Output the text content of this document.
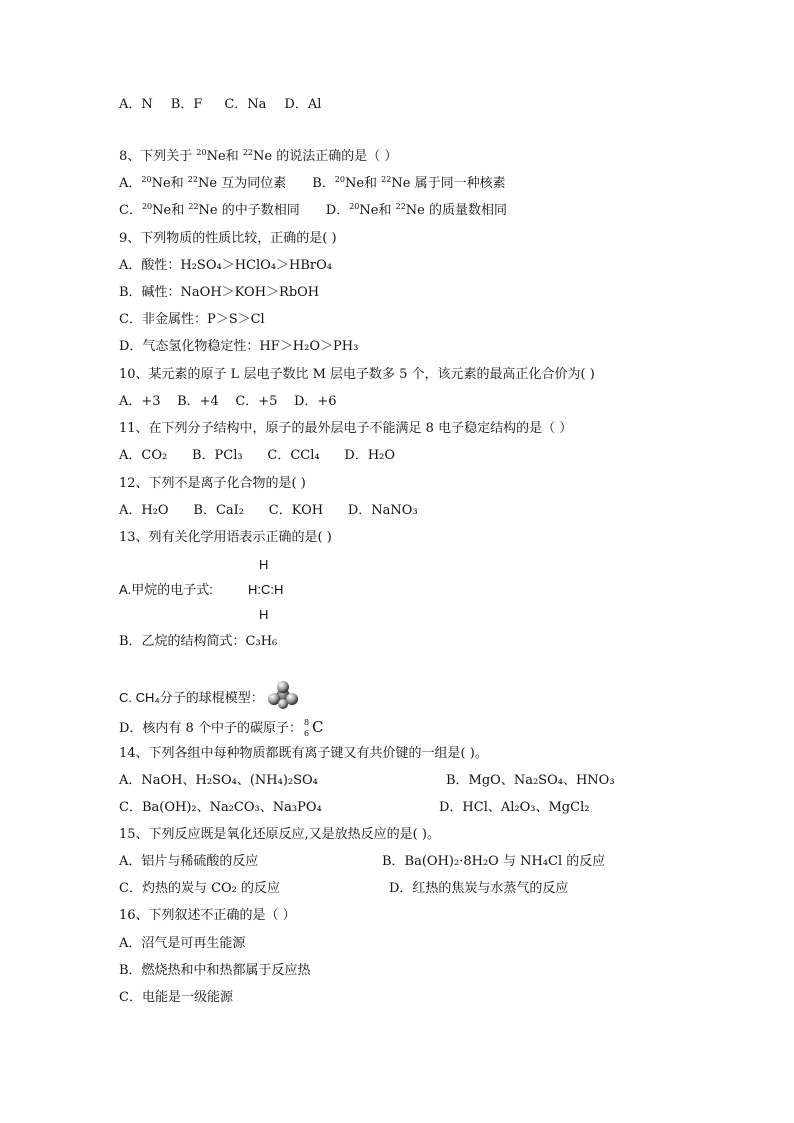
A．N B．F C．Na D．Al
8、下列关于 $^{20}$Ne和 $^{22}$Ne 的说法正确的是（ ）
A．$^{20}$Ne和 $^{22}$Ne 互为同位素 B．$^{20}$Ne和 $^{22}$Ne 属于同一种核素
C．$^{20}$Ne和 $^{22}$Ne 的中子数相同 D．$^{20}$Ne和 $^{22}$Ne 的质量数相同
9、下列物质的性质比较，正确的是( )
A．酸性：H₂SO₄＞HClO₄＞HBrO₄
B．碱性：NaOH＞KOH＞RbOH
C．非金属性：P＞S＞Cl
D．气态氢化物稳定性：HF＞H₂O＞PH₃
10、某元素的原子 L 层电子数比 M 层电子数多 5 个，该元素的最高正化合价为( )
A．+3    B．+4    C．+5    D．+6
11、在下列分子结构中，原子的最外层电子不能满足 8 电子稳定结构的是（ ）
A．CO₂      B．PCl₃      C．CCl₄      D．H₂O
12、下列不是离子化合物的是( )
A．H₂O      B．CaI₂      C．KOH      D．NaNO₃
13、列有关化学用语表示正确的是( )
H
A.甲烷的电子式:	H:C:H
H
B．乙烷的结构简式：C₃H₆
C. CH₄分子的球棍模型：
D．核内有 8 个中子的碳原子： 8
6 C
14、下列各组中每种物质都既有离子键又有共价键的一组是( )。
A．NaOH、H₂SO₄、(NH₄)₂SO₄	B．MgO、Na₂SO₄、HNO₃
C．Ba(OH)₂、Na₂CO₃、Na₃PO₄	D．HCl、Al₂O₃、MgCl₂
15、下列反应既是氧化还原反应,又是放热反应的是( )。
A．铝片与稀硫酸的反应	B．Ba(OH)₂·8H₂O 与 NH₄Cl 的反应
C．灼热的炭与 CO₂ 的反应	D．红热的焦炭与水蒸气的反应
16、下列叙述不正确的是（ ）
A．沼气是可再生能源
B．燃烧热和中和热都属于反应热
C．电能是一级能源
